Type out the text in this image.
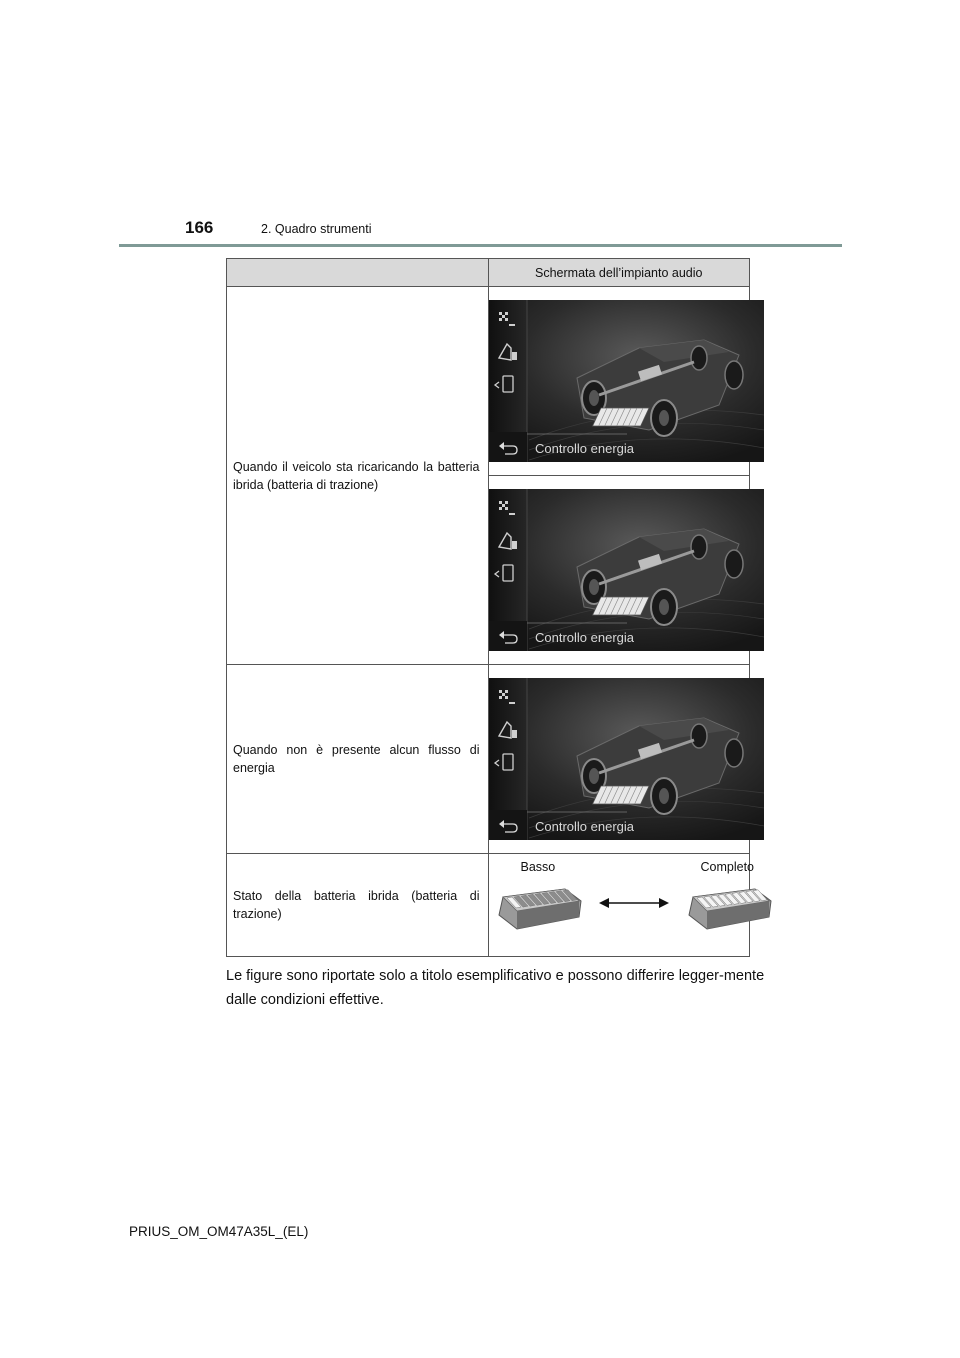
166	2. Quadro strumenti
	Schermata dell’impianto audio
Quando il veicolo sta ricaricando la batteria ibrida (batteria di trazione)	Controllo energia

Controllo energia

Quando non è presente alcun flusso di energia	Controllo energia

Stato della batteria ibrida (batteria di trazione)	Basso Completo
Le figure sono riportate solo a titolo esemplificativo e possono differire legger-mente dalle condizioni effettive.
PRIUS_OM_OM47A35L_(EL)
